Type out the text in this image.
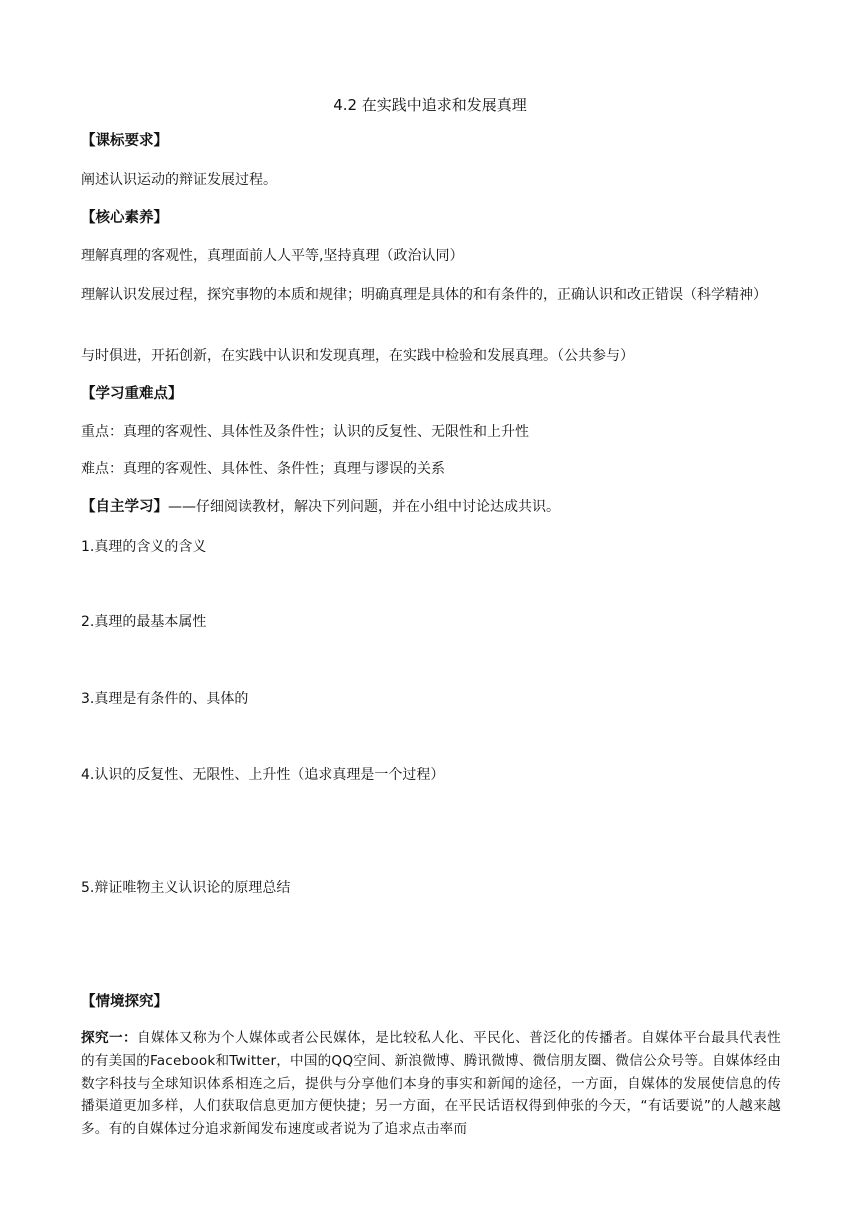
4.2 在实践中追求和发展真理
【课标要求】
阐述认识运动的辩证发展过程。
【核心素养】
理解真理的客观性，真理面前人人平等,坚持真理（政治认同）
理解认识发展过程，探究事物的本质和规律；明确真理是具体的和有条件的，正确认识和改正错误（科学精神）
与时俱进，开拓创新，在实践中认识和发现真理，在实践中检验和发展真理。（公共参与）
【学习重难点】
重点：真理的客观性、具体性及条件性；认识的反复性、无限性和上升性
难点：真理的客观性、具体性、条件性；真理与谬误的关系
【自主学习】——仔细阅读教材，解决下列问题，并在小组中讨论达成共识。
1.真理的含义的含义
2.真理的最基本属性
3.真理是有条件的、具体的
4.认识的反复性、无限性、上升性（追求真理是一个过程）
5.辩证唯物主义认识论的原理总结
【情境探究】
探究一：自媒体又称为个人媒体或者公民媒体，是比较私人化、平民化、普泛化的传播者。自媒体平台最具代表性的有美国的Facebook和Twitter，中国的QQ空间、新浪微博、腾讯微博、微信朋友圈、微信公众号等。自媒体经由数字科技与全球知识体系相连之后，提供与分享他们本身的事实和新闻的途径，一方面，自媒体的发展使信息的传播渠道更加多样，人们获取信息更加方便快捷；另一方面，在平民话语权得到伸张的今天，“有话要说”的人越来越多。有的自媒体过分追求新闻发布速度或者说为了追求点击率而
